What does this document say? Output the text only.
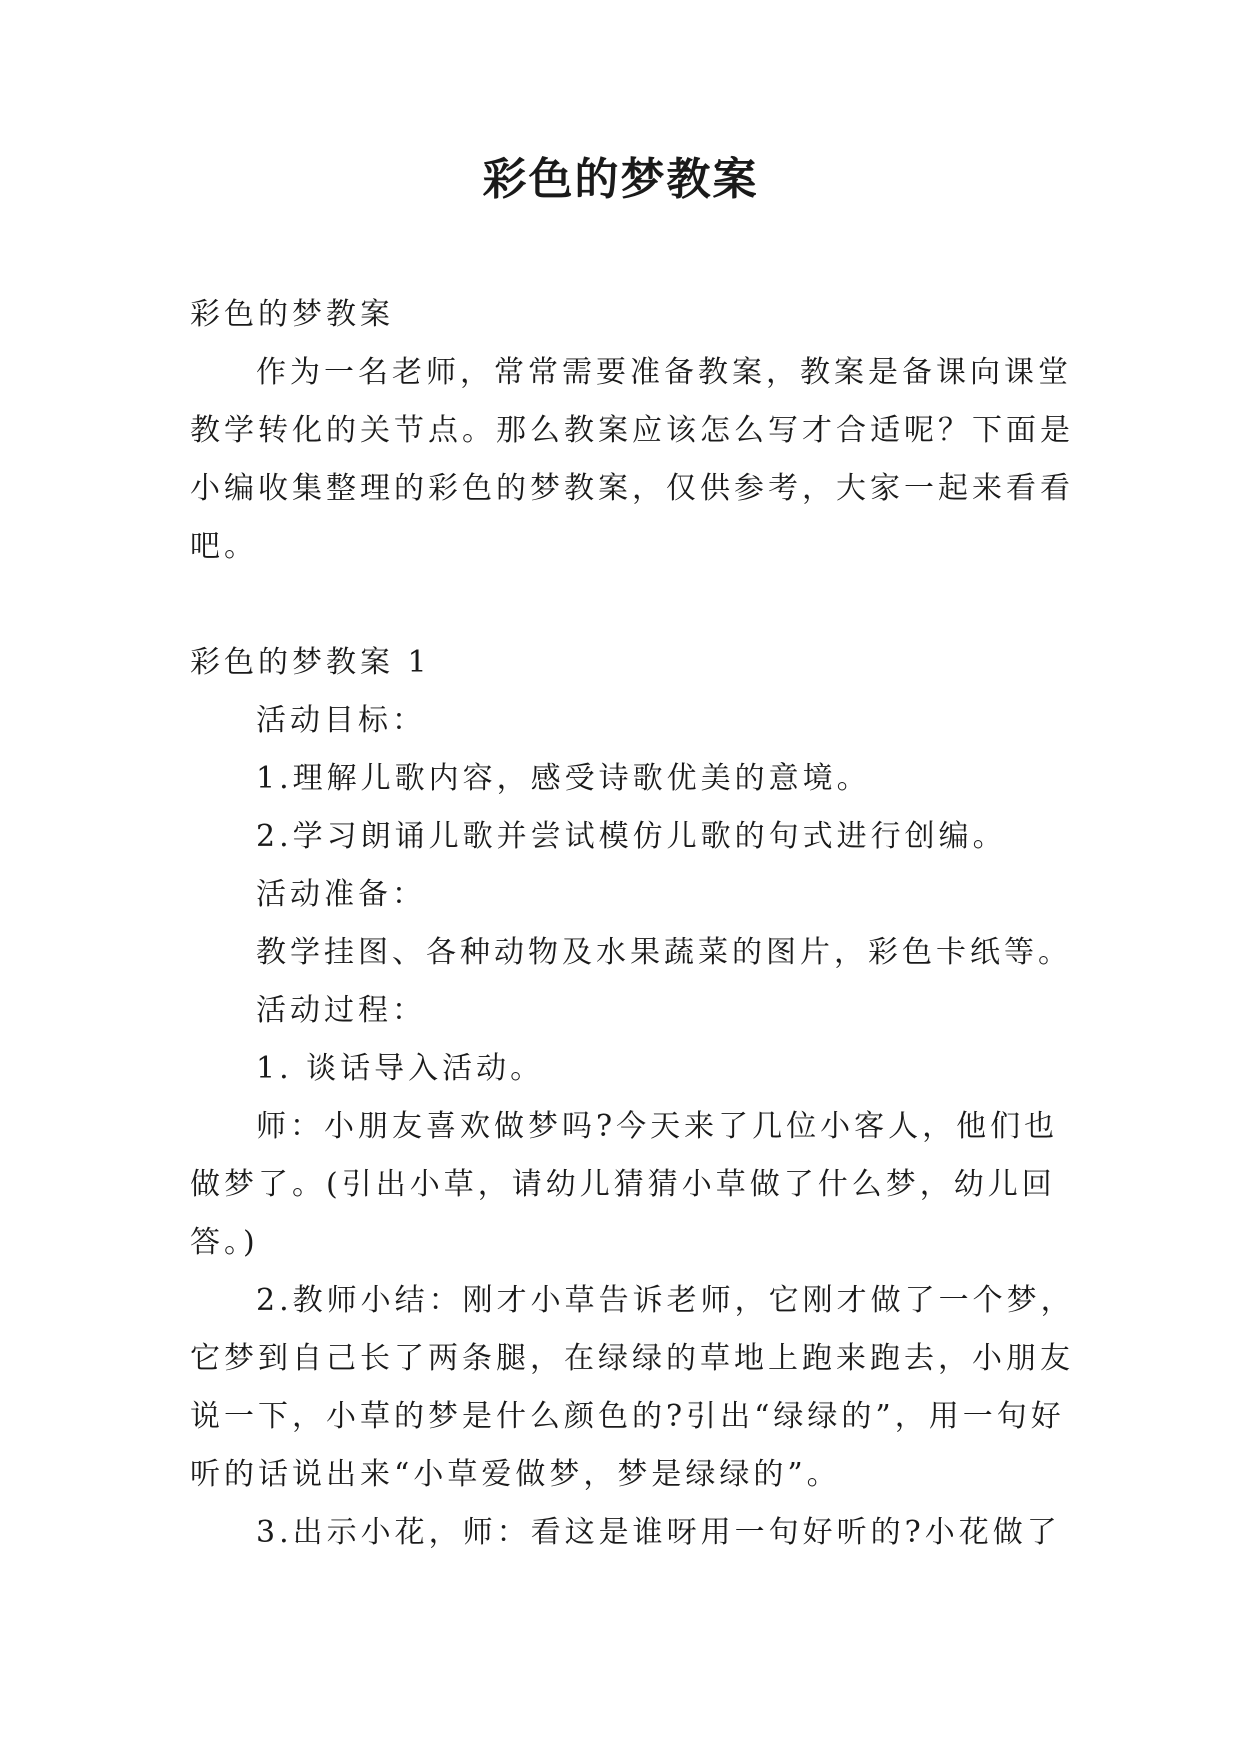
彩色的梦教案

彩色的梦教案

作为一名老师，常常需要准备教案，教案是备课向课堂

教学转化的关节点。那么教案应该怎么写才合适呢？下面是

小编收集整理的彩色的梦教案，仅供参考，大家一起来看看

吧。

彩色的梦教案 1

活动目标：

1.理解儿歌内容，感受诗歌优美的意境。

2.学习朗诵儿歌并尝试模仿儿歌的句式进行创编。

活动准备：

教学挂图、各种动物及水果蔬菜的图片，彩色卡纸等。

活动过程：

1. 谈话导入活动。

师：小朋友喜欢做梦吗?今天来了几位小客人，他们也

做梦了。(引出小草，请幼儿猜猜小草做了什么梦，幼儿回

答。)

2.教师小结：刚才小草告诉老师，它刚才做了一个梦，

它梦到自己长了两条腿，在绿绿的草地上跑来跑去，小朋友

说一下，小草的梦是什么颜色的?引出“绿绿的”，用一句好

听的话说出来“小草爱做梦，梦是绿绿的”。

3.出示小花，师：看这是谁呀用一句好听的?小花做了
